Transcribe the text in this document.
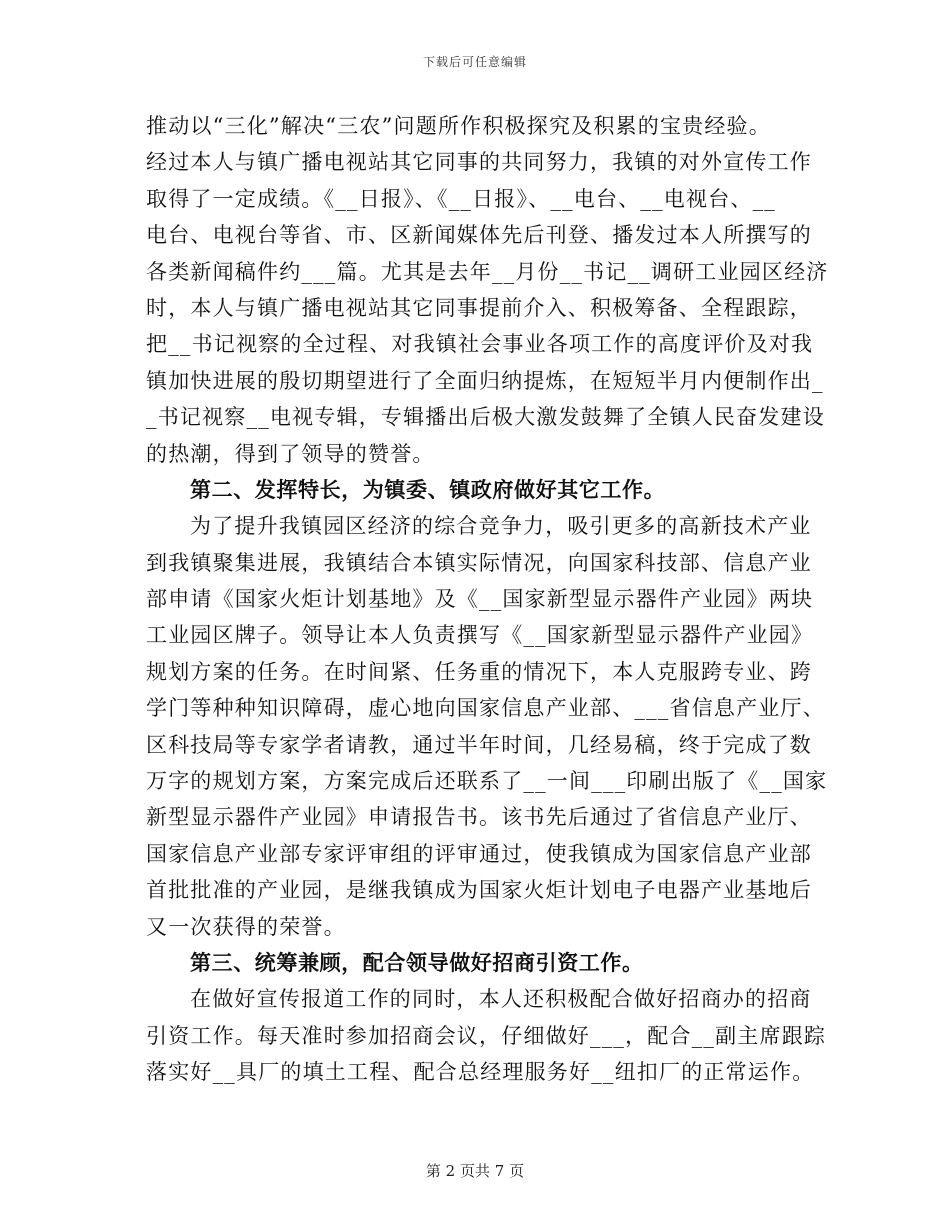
下载后可任意编辑
推动以“三化”解决“三农”问题所作积极探究及积累的宝贵经验。
经过本人与镇广播电视站其它同事的共同努力，我镇的对外宣传工作
取得了一定成绩。《__日报》、《__日报》、__电台、__电视台、__
电台、电视台等省、市、区新闻媒体先后刊登、播发过本人所撰写的
各类新闻稿件约___篇。尤其是去年__月份__书记__调研工业园区经济
时，本人与镇广播电视站其它同事提前介入、积极筹备、全程跟踪，
把__书记视察的全过程、对我镇社会事业各项工作的高度评价及对我
镇加快进展的殷切期望进行了全面归纳提炼，在短短半月内便制作出_
_书记视察__电视专辑，专辑播出后极大激发鼓舞了全镇人民奋发建设
的热潮，得到了领导的赞誉。
第二、发挥特长，为镇委、镇政府做好其它工作。
为了提升我镇园区经济的综合竞争力，吸引更多的高新技术产业
到我镇聚集进展，我镇结合本镇实际情况，向国家科技部、信息产业
部申请《国家火炬计划基地》及《__国家新型显示器件产业园》两块
工业园区牌子。领导让本人负责撰写《__国家新型显示器件产业园》
规划方案的任务。在时间紧、任务重的情况下，本人克服跨专业、跨
学门等种种知识障碍，虚心地向国家信息产业部、___省信息产业厅、
区科技局等专家学者请教，通过半年时间，几经易稿，终于完成了数
万字的规划方案，方案完成后还联系了__一间___印刷出版了《__国家
新型显示器件产业园》申请报告书。该书先后通过了省信息产业厅、
国家信息产业部专家评审组的评审通过，使我镇成为国家信息产业部
首批批准的产业园，是继我镇成为国家火炬计划电子电器产业基地后
又一次获得的荣誉。
第三、统筹兼顾，配合领导做好招商引资工作。
在做好宣传报道工作的同时，本人还积极配合做好招商办的招商
引资工作。每天准时参加招商会议，仔细做好___，配合__副主席跟踪
落实好__具厂的填土工程、配合总经理服务好__纽扣厂的正常运作。
第 2 页共 7 页
